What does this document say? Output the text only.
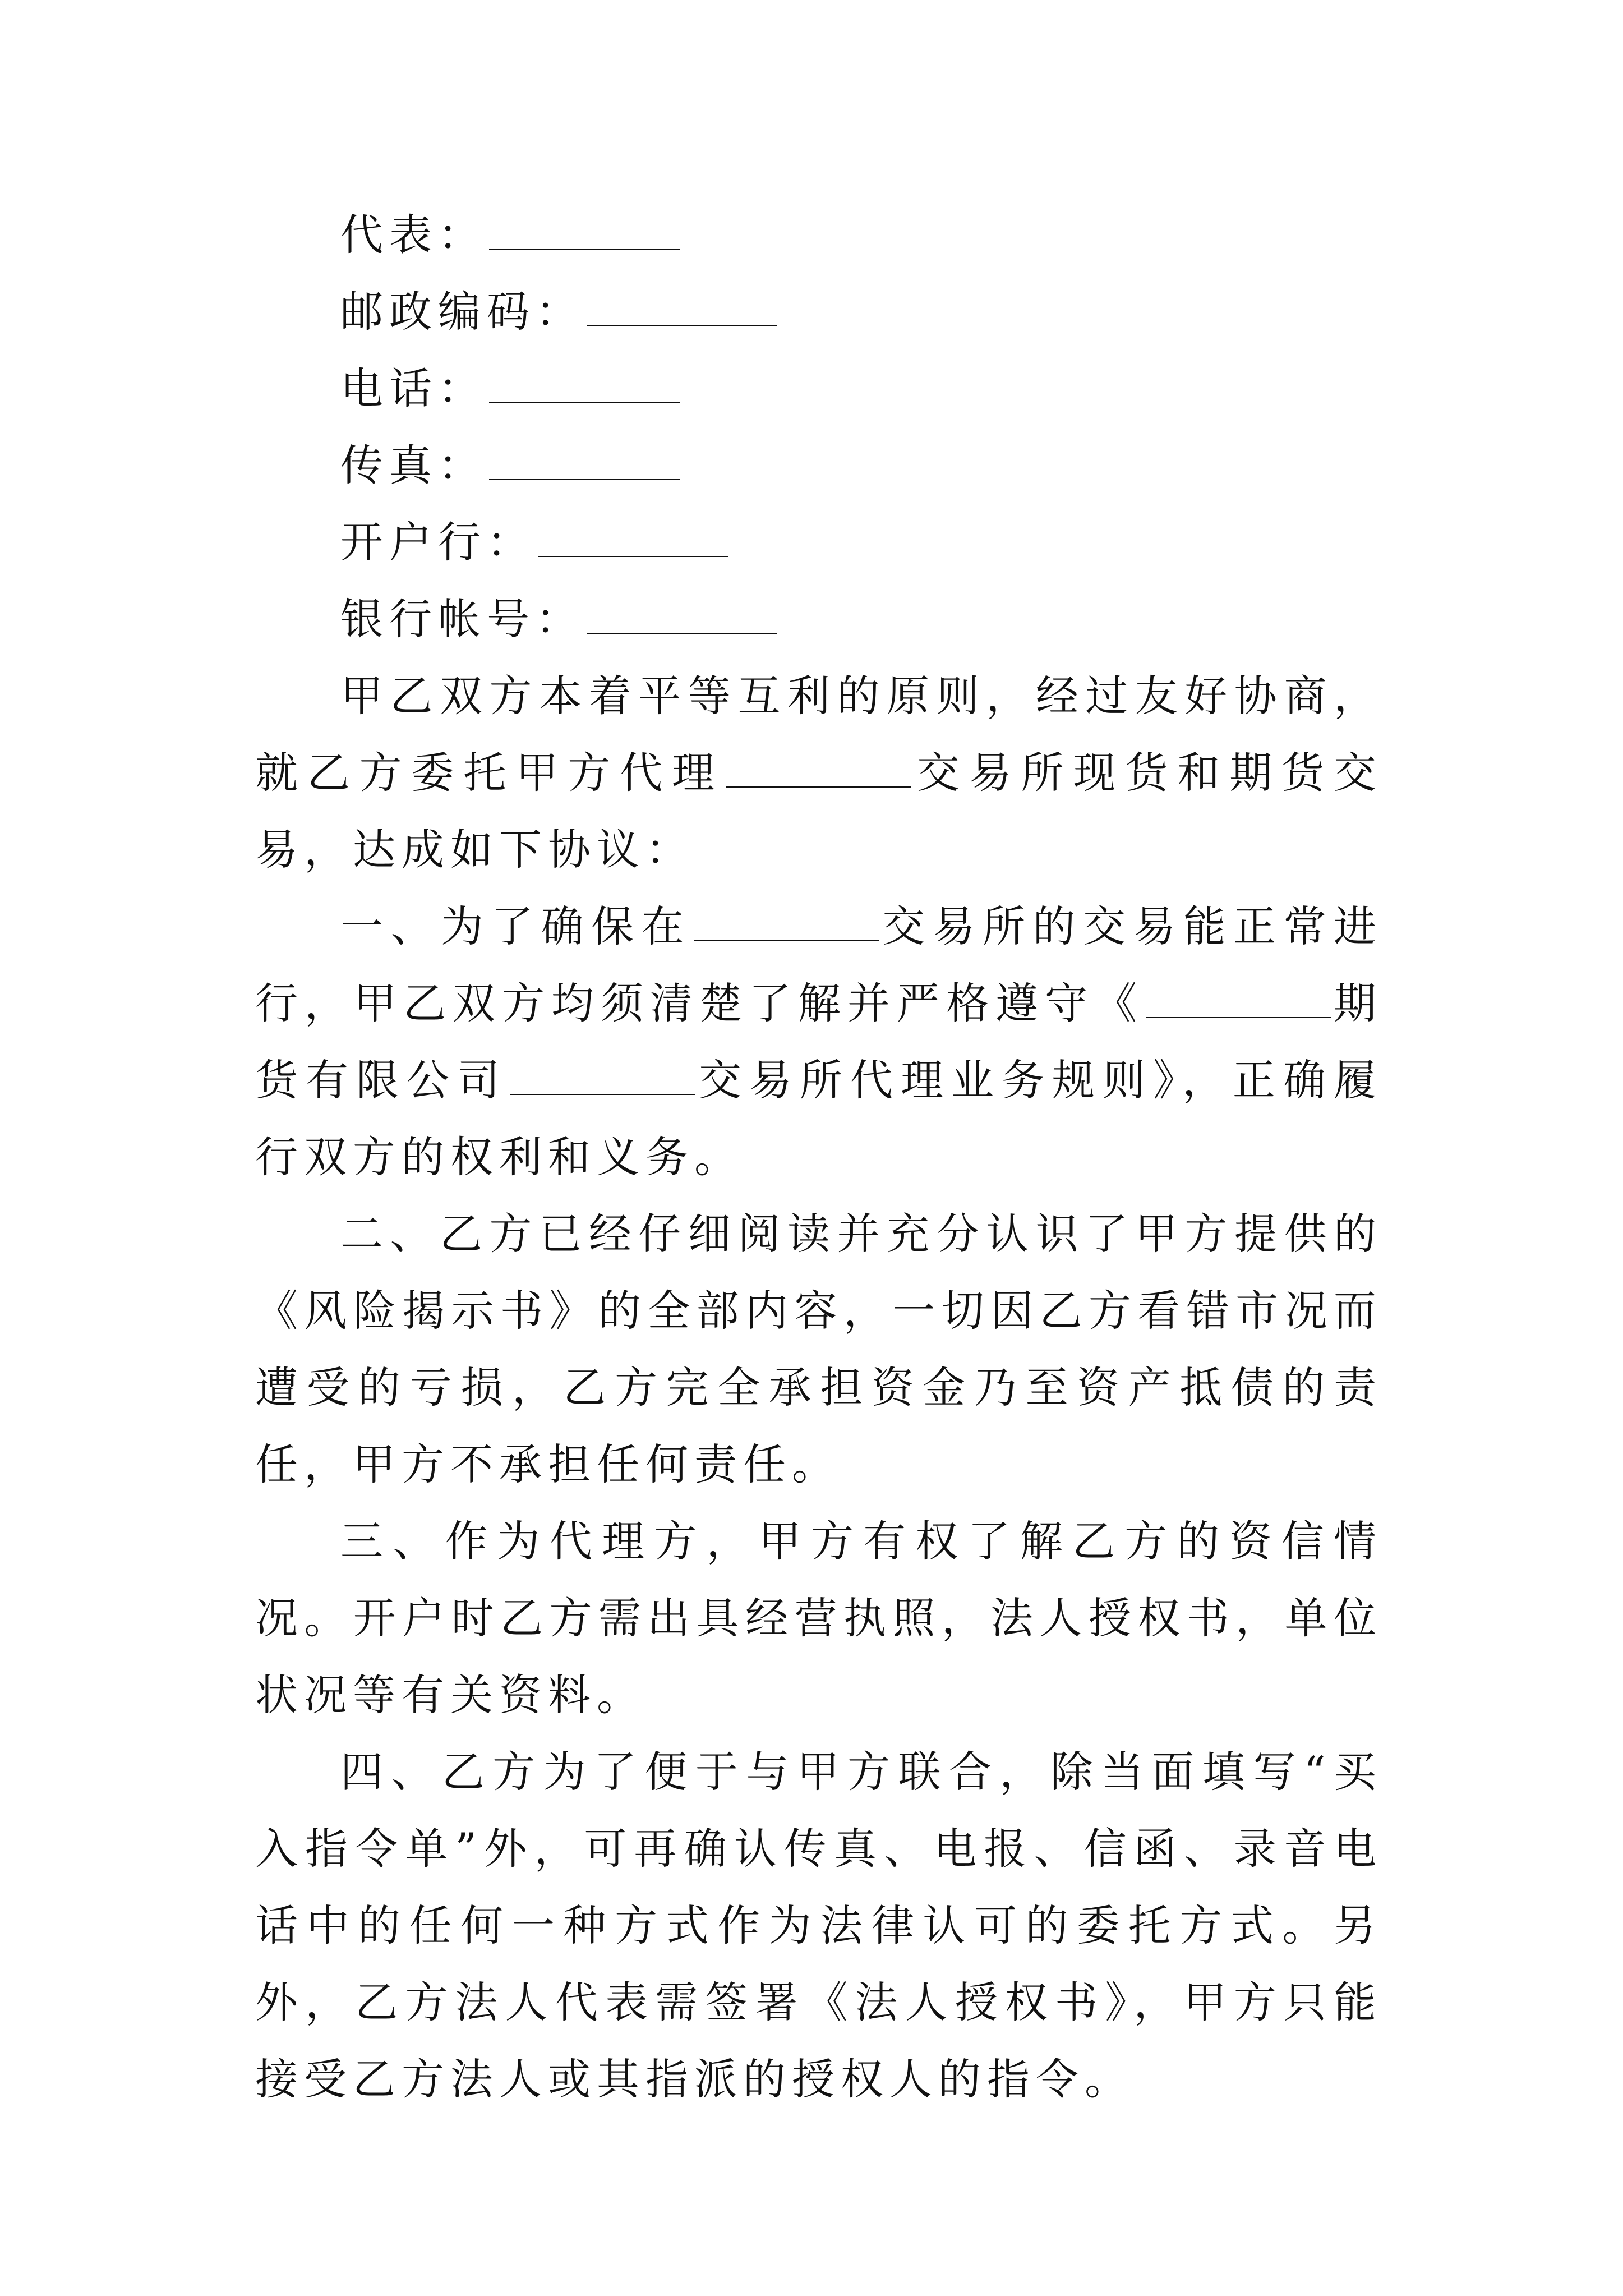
代表：
邮政编码：
电话：
传真：
开户行：
银行帐号：

甲乙双方本着平等互利的原则，经过友好协商，就乙方委托甲方代理	交易所现货和期货交易，达成如下协议：

一、为了确保在	交易所的交易能正常进行，甲乙双方均须清楚了解并严格遵守《	期货有限公司	交易所代理业务规则》，正确履行双方的权利和义务。

二、乙方已经仔细阅读并充分认识了甲方提供的《风险揭示书》的全部内容，一切因乙方看错市况而遭受的亏损，乙方完全承担资金乃至资产抵债的责任，甲方不承担任何责任。

三、作为代理方，甲方有权了解乙方的资信情况。开户时乙方需出具经营执照，法人授权书，单位状况等有关资料。

四、乙方为了便于与甲方联合，除当面填写“买入指令单”外，可再确认传真、电报、信函、录音电话中的任何一种方式作为法律认可的委托方式。另外，乙方法人代表需签署《法人授权书》，甲方只能接受乙方法人或其指派的授权人的指令。
